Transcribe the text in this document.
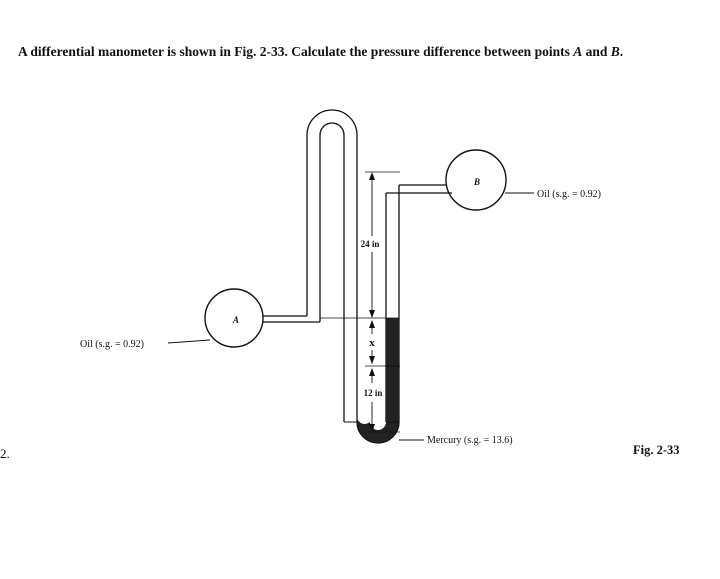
A differential manometer is shown in Fig. 2-33. Calculate the pressure difference between points A and B.
2.
A
B
24 in
x
12 in
Oil (s.g. = 0.92)
Oil (s.g. = 0.92)
Mercury (s.g. = 13.6)
Fig. 2-33
